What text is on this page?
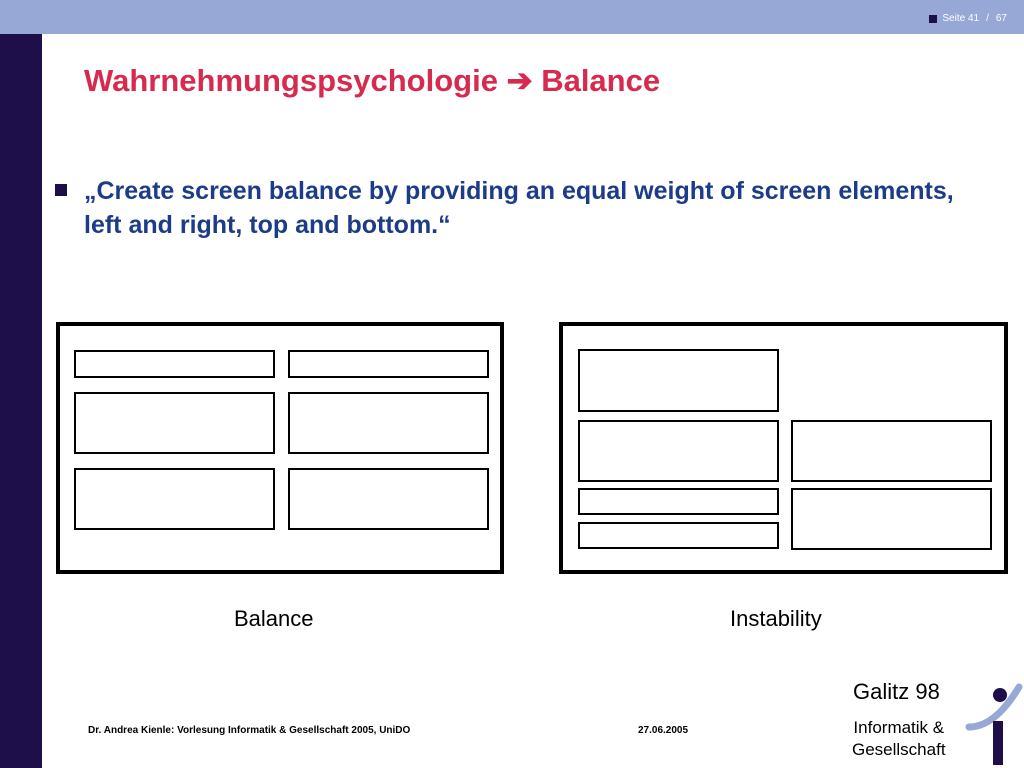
Seite 41 / 67
Wahrnehmungspsychologie ➔ Balance
„Create screen balance by providing an equal weight of screen elements, left and right, top and bottom.“
Balance	Instability
Galitz 98
Dr. Andrea Kienle: Vorlesung Informatik & Gesellschaft 2005, UniDO	27.06.2005	Informatik &
Gesellschaft
